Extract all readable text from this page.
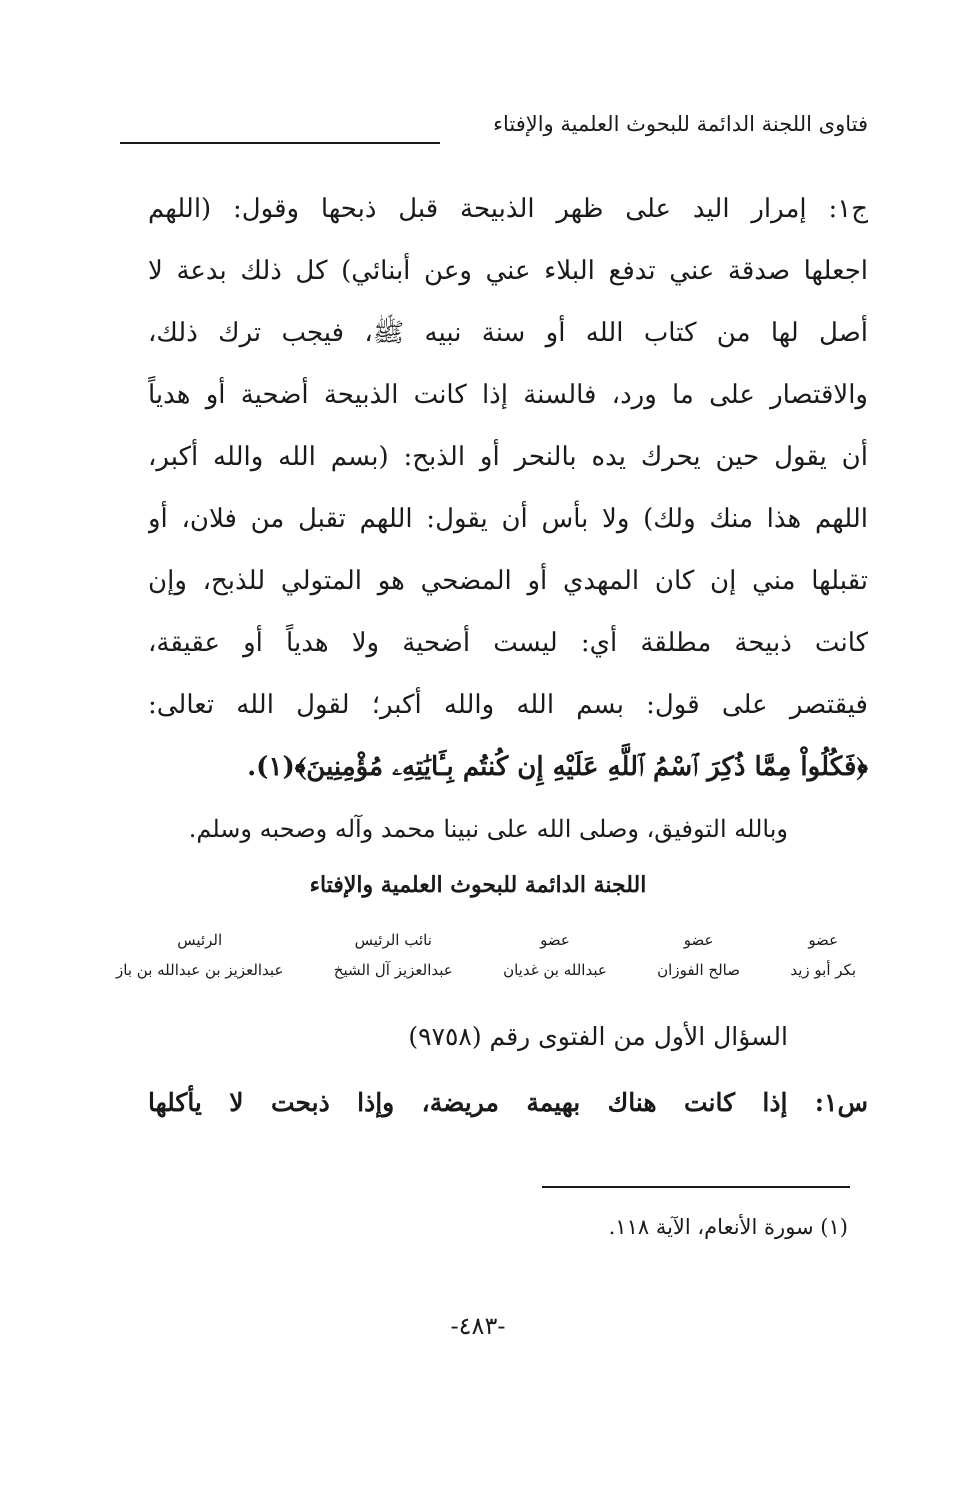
فتاوى اللجنة الدائمة للبحوث العلمية والإفتاء
ج١: إمرار اليد على ظهر الذبيحة قبل ذبحها وقول: (اللهم
اجعلها صدقة عني تدفع البلاء عني وعن أبنائي) كل ذلك بدعة لا
أصل لها من كتاب الله أو سنة نبيه ﷺ، فيجب ترك ذلك،
والاقتصار على ما ورد، فالسنة إذا كانت الذبيحة أضحية أو هدياً
أن يقول حين يحرك يده بالنحر أو الذبح: (بسم الله والله أكبر،
اللهم هذا منك ولك) ولا بأس أن يقول: اللهم تقبل من فلان، أو
تقبلها مني إن كان المهدي أو المضحي هو المتولي للذبح، وإن
كانت ذبيحة مطلقة أي: ليست أضحية ولا هدياً أو عقيقة،
فيقتصر على قول: بسم الله والله أكبر؛ لقول الله تعالى:
﴿فَكُلُواْ مِمَّا ذُكِرَ ٱسْمُ ٱللَّهِ عَلَيْهِ إِن كُنتُم بِـَٔايَٰتِهِۦ مُؤْمِنِينَ﴾(١).
وبالله التوفيق، وصلى الله على نبينا محمد وآله وصحبه وسلم.
اللجنة الدائمة للبحوث العلمية والإفتاء
عضو
بكر أبو زيد
عضو
صالح الفوزان
عضو
عبدالله بن غديان
نائب الرئيس
عبدالعزيز آل الشيخ
الرئيس
عبدالعزيز بن عبدالله بن باز
السؤال الأول من الفتوى رقم (٩٧٥٨)
س١: إذا كانت هناك بهيمة مريضة، وإذا ذبحت لا يأكلها
(١) سورة الأنعام، الآية ١١٨.
-٤٨٣-
